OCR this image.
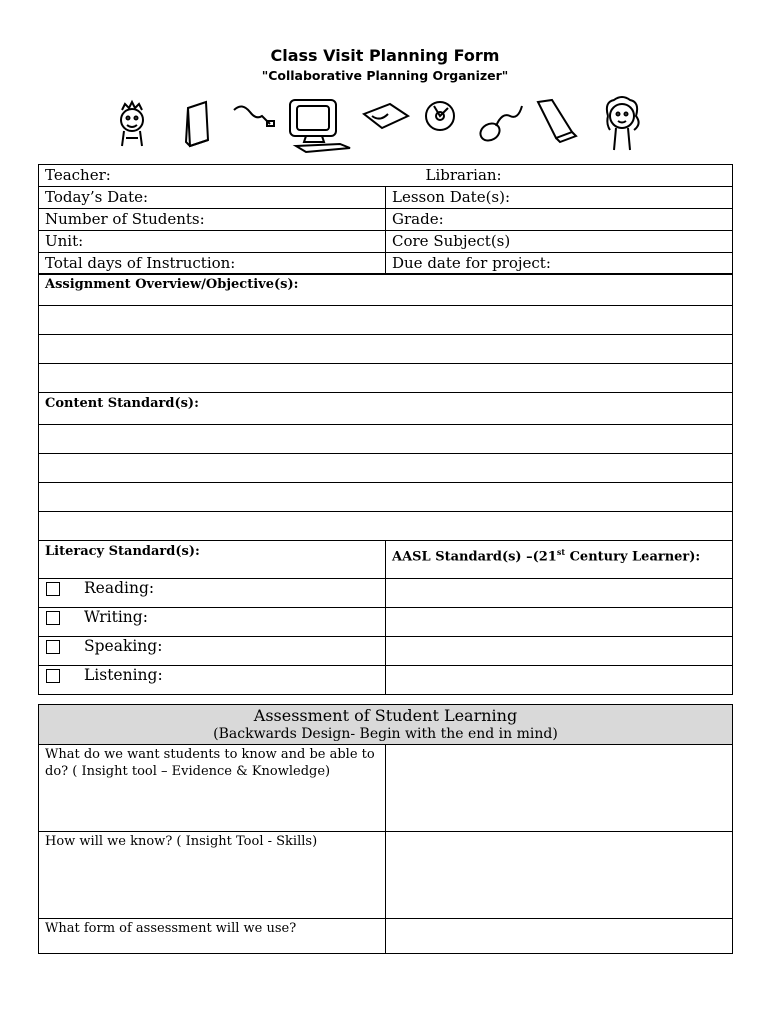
Class Visit Planning Form
"Collaborative Planning Organizer"
Teacher: Librarian:	

Today’s Date:	Lesson Date(s):
Number of Students:	Grade:
Unit:	Core Subject(s)
Total days of Instruction:	Due date for project:
Assignment Overview/Objective(s):	

Content Standard(s):	

Literacy Standard(s):	AASL Standard(s) –(21st Century Learner):
Reading:	
Writing:	
Speaking:	
Listening:	
Assessment of Student Learning
(Backwards Design- Begin with the end in mind)	

What do we want students to know and be able to do? ( Insight tool – Evidence & Knowledge)	
How will we know? ( Insight Tool - Skills)	
What form of assessment will we use?	
